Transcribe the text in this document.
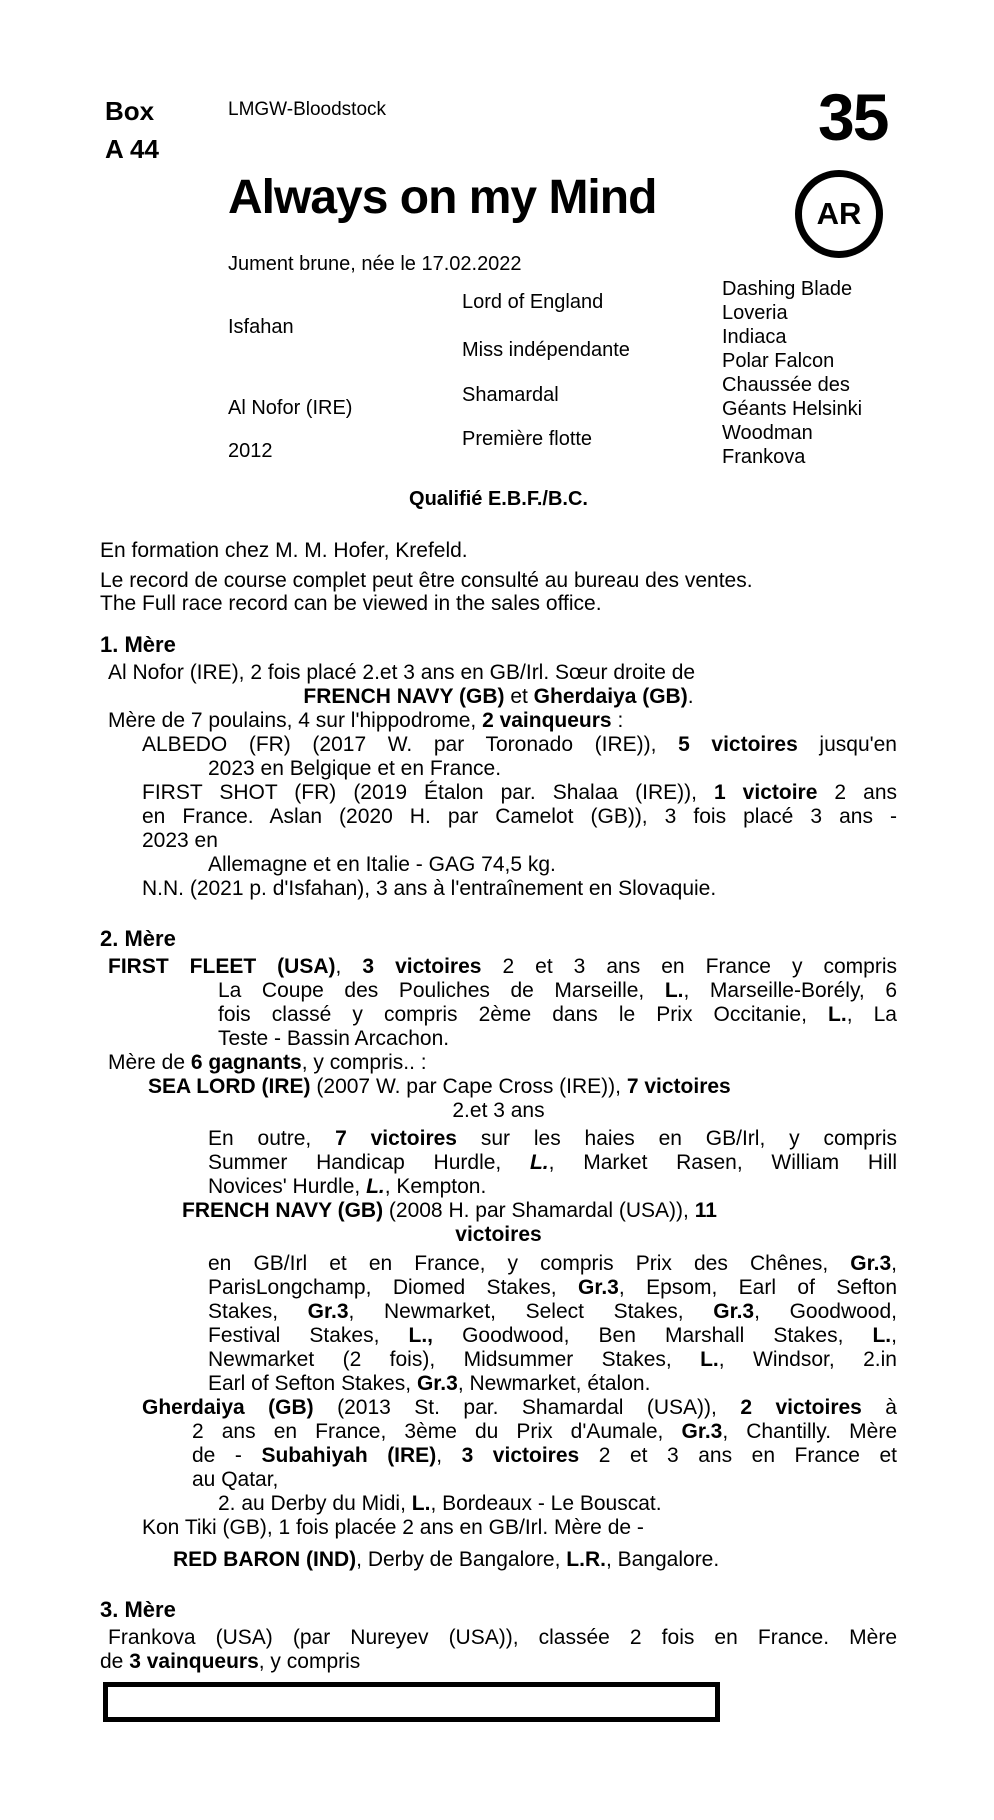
Box
A 44
LMGW-Bloodstock	35
Always on my Mind	AR
Jument brune, née le 17.02.2022
Isfahan
Al Nofor (IRE)
2012
Lord of England
Miss indépendante
Shamardal
Première flotte
Dashing Blade
Loveria
Indiaca
Polar Falcon
Chaussée des
Géants Helsinki
Woodman
Frankova
Qualifié E.B.F./B.C.
En formation chez M. M. Hofer, Krefeld.
Le record de course complet peut être consulté au bureau des ventes.
The Full race record can be viewed in the sales office.
1. Mère
Al Nofor (IRE), 2 fois placé 2.et 3 ans en GB/Irl. Sœur droite de
FRENCH NAVY (GB) et Gherdaiya (GB).
Mère de 7 poulains, 4 sur l'hippodrome, 2 vainqueurs :
ALBEDO (FR) (2017 W. par Toronado (IRE)), 5 victoires jusqu'en
2023 en Belgique et en France.
FIRST SHOT (FR) (2019 Étalon par. Shalaa (IRE)), 1 victoire 2 ans
en France. Aslan (2020 H. par Camelot (GB)), 3 fois placé 3 ans -
2023 en
Allemagne et en Italie - GAG 74,5 kg.
N.N. (2021 p. d'Isfahan), 3 ans à l'entraînement en Slovaquie.
2. Mère
FIRST FLEET (USA), 3 victoires 2 et 3 ans en France y compris
La Coupe des Pouliches de Marseille, L., Marseille-Borély, 6
fois classé y compris 2ème dans le Prix Occitanie, L., La
Teste - Bassin Arcachon.
Mère de 6 gagnants, y compris.. :
SEA LORD (IRE) (2007 W. par Cape Cross (IRE)), 7 victoires
2.et 3 ans
En outre, 7 victoires sur les haies en GB/Irl, y compris
Summer Handicap Hurdle, L., Market Rasen, William Hill
Novices' Hurdle, L., Kempton.
FRENCH NAVY (GB) (2008 H. par Shamardal (USA)), 11
victoires
en GB/Irl et en France, y compris Prix des Chênes, Gr.3,
ParisLongchamp, Diomed Stakes, Gr.3, Epsom, Earl of Sefton
Stakes, Gr.3, Newmarket, Select Stakes, Gr.3, Goodwood,
Festival Stakes, L., Goodwood, Ben Marshall Stakes, L.,
Newmarket (2 fois), Midsummer Stakes, L., Windsor, 2.in
Earl of Sefton Stakes, Gr.3, Newmarket, étalon.
Gherdaiya (GB) (2013 St. par. Shamardal (USA)), 2 victoires à
2 ans en France, 3ème du Prix d'Aumale, Gr.3, Chantilly. Mère
de - Subahiyah (IRE), 3 victoires 2 et 3 ans en France et
au Qatar,
2. au Derby du Midi, L., Bordeaux - Le Bouscat.
Kon Tiki (GB), 1 fois placée 2 ans en GB/Irl. Mère de -
RED BARON (IND), Derby de Bangalore, L.R., Bangalore.
3. Mère
Frankova (USA) (par Nureyev (USA)), classée 2 fois en France. Mère
de 3 vainqueurs, y compris
